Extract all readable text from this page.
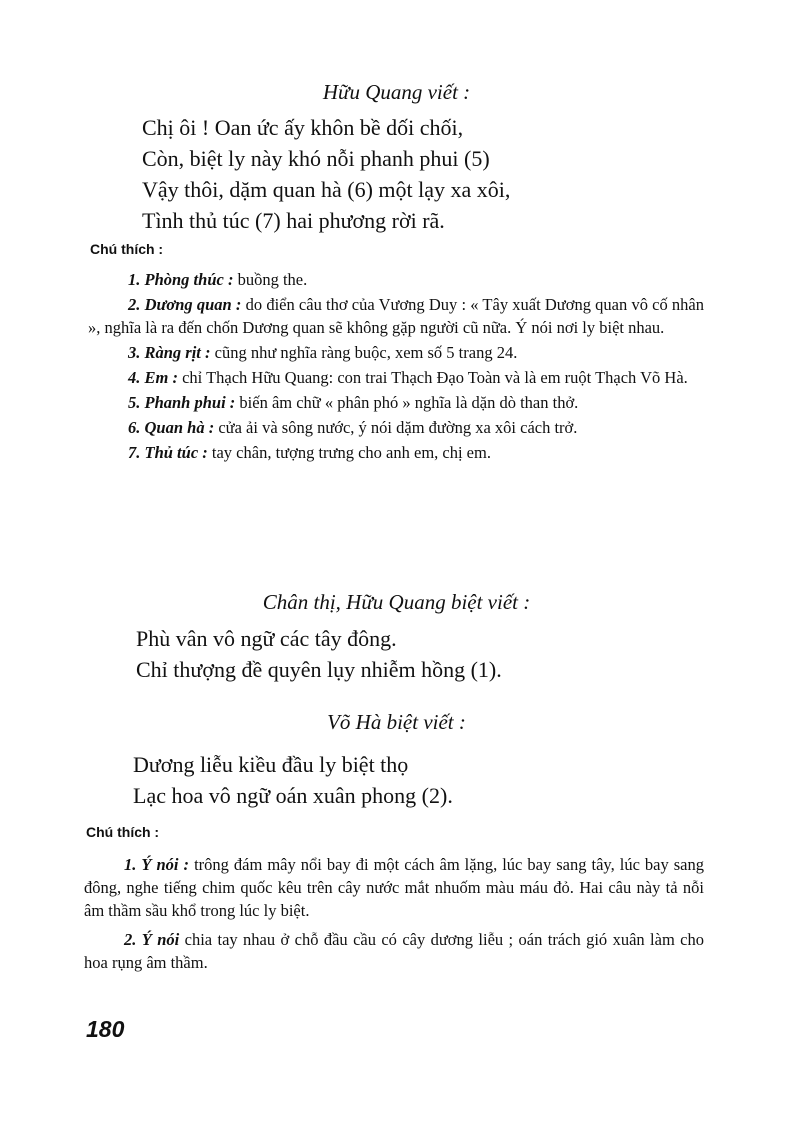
Hữu Quang viết :
Chị ôi ! Oan ức ấy khôn bề dối chối,
Còn, biệt ly này khó nỗi phanh phui (5)
Vậy thôi, dặm quan hà (6) một lạy xa xôi,
Tình thủ túc (7) hai phương rời rã.
Chú thích :
1. Phòng thúc : buồng the.
2. Dương quan : do điển câu thơ của Vương Duy : « Tây xuất Dương quan vô cố nhân », nghĩa là ra đến chốn Dương quan sẽ không gặp người cũ nữa. Ý nói nơi ly biệt nhau.
3. Ràng rịt : cũng như nghĩa ràng buộc, xem số 5 trang 24.
4. Em : chỉ Thạch Hữu Quang: con trai Thạch Đạo Toàn và là em ruột Thạch Võ Hà.
5. Phanh phui : biến âm chữ « phân phó » nghĩa là dặn dò than thở.
6. Quan hà : cửa ải và sông nước, ý nói dặm đường xa xôi cách trở.
7. Thủ túc : tay chân, tượng trưng cho anh em, chị em.
Chân thị, Hữu Quang biệt viết :
Phù vân vô ngữ các tây đông.
Chỉ thượng đề quyên lụy nhiễm hồng (1).
Võ Hà biệt viết :
Dương liễu kiều đầu ly biệt thọ
Lạc hoa vô ngữ oán xuân phong (2).
Chú thích :
1. Ý nói : trông đám mây nổi bay đi một cách âm lặng, lúc bay sang tây, lúc bay sang đông, nghe tiếng chim quốc kêu trên cây nước mắt nhuốm màu máu đỏ. Hai câu này tả nỗi âm thầm sầu khổ trong lúc ly biệt.
2. Ý nói chia tay nhau ở chỗ đầu cầu có cây dương liễu ; oán trách gió xuân làm cho hoa rụng âm thầm.
180
